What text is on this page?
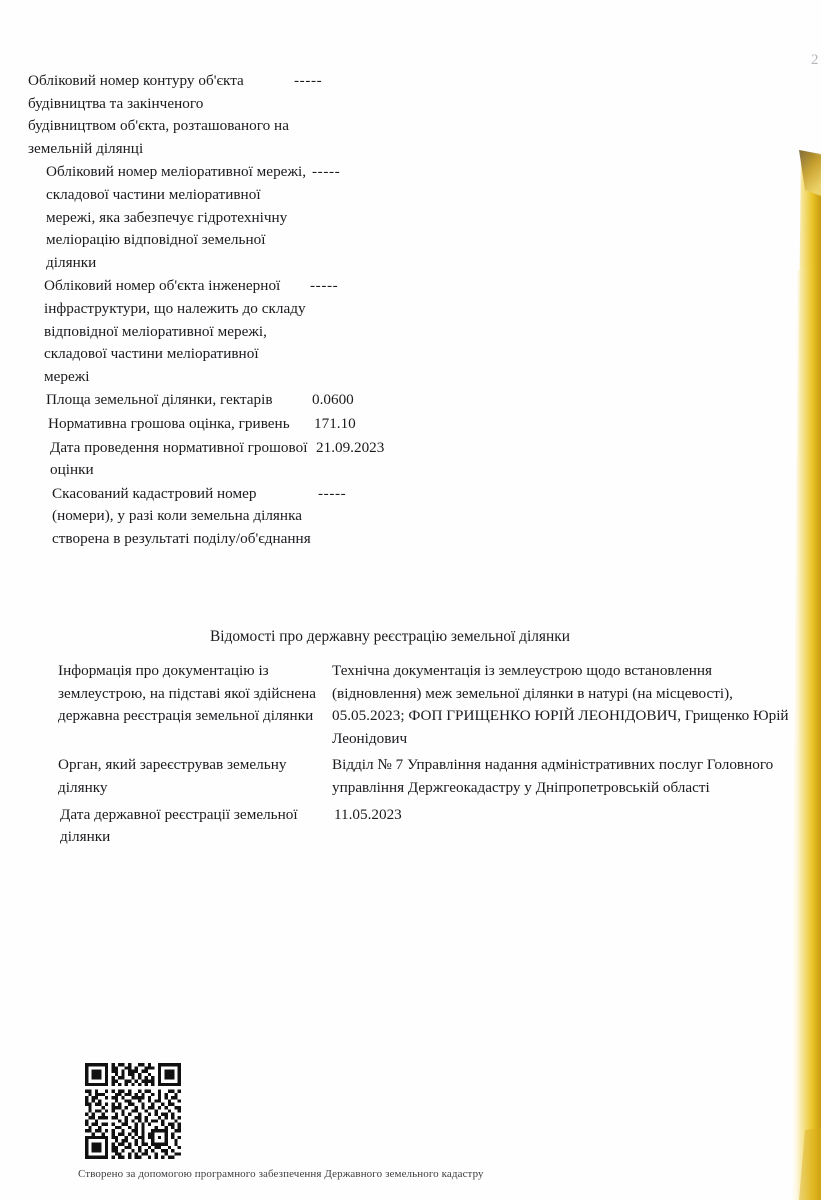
2
Обліковий номер контуру об'єкта будівництва та закінченого будівництвом об'єкта, розташованого на земельній ділянці
-----
Обліковий номер меліоративної мережі, складової частини меліоративної мережі, яка забезпечує гідротехнічну меліорацію відповідної земельної ділянки
-----
Обліковий номер об'єкта інженерної інфраструктури, що належить до складу відповідної меліоративної мережі, складової частини меліоративної мережі
-----
Площа земельної ділянки, гектарів	0.0600
Нормативна грошова оцінка, гривень	171.10
Дата проведення нормативної грошової оцінки
21.09.2023
Скасований кадастровий номер (номери), у разі коли земельна ділянка створена в результаті поділу/об'єднання
-----
Відомості про державну реєстрацію земельної ділянки
Інформація про документацію із землеустрою, на підставі якої здійснена державна реєстрація земельної ділянки
Технічна документація із землеустрою щодо встановлення (відновлення) меж земельної ділянки в натурі (на місцевості), 05.05.2023; ФОП ГРИЩЕНКО ЮРІЙ ЛЕОНІДОВИЧ, Грищенко Юрій Леонідович
Орган, який зареєстрував земельну ділянку
Відділ № 7 Управління надання адміністративних послуг Головного управління Держгеокадастру у Дніпропетровській області
Дата державної реєстрації земельної ділянки
11.05.2023
Створено за допомогою програмного забезпечення Державного земельного кадастру
